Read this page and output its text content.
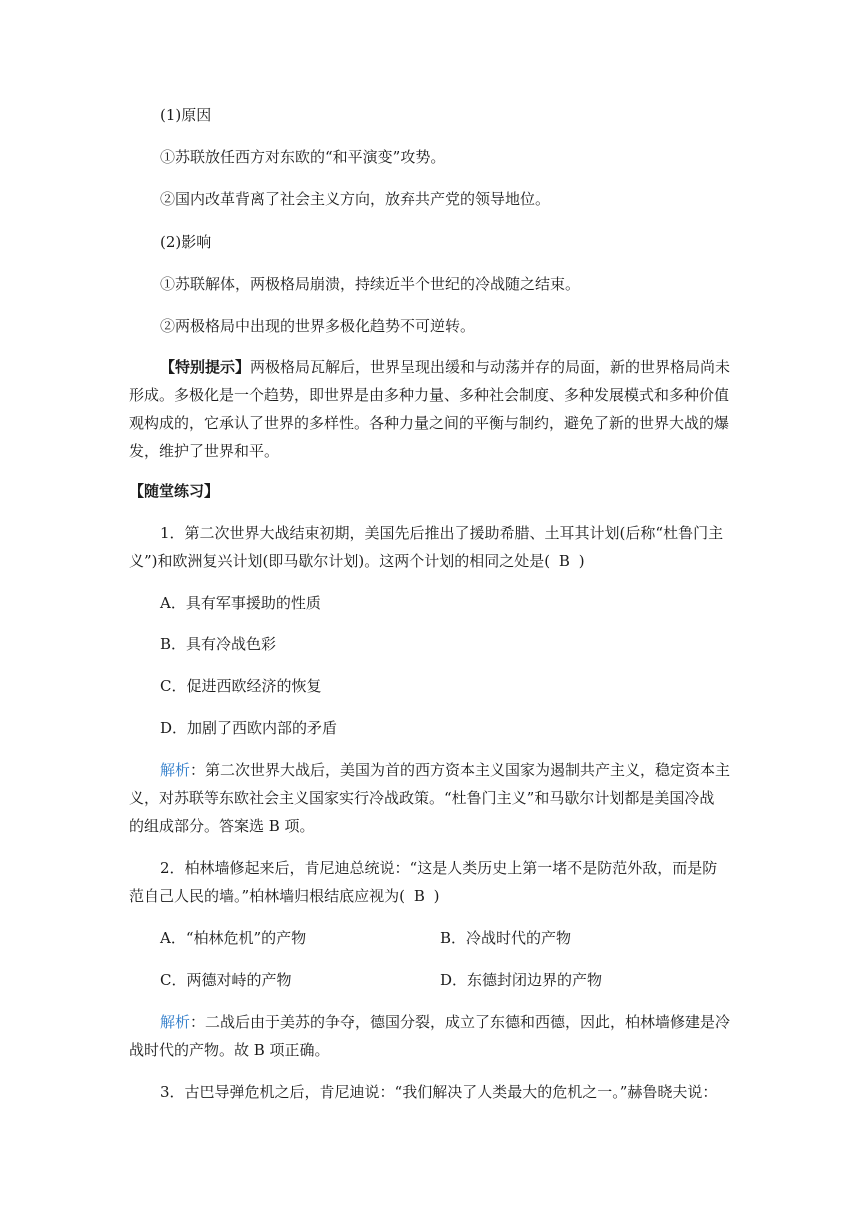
(1)原因
①苏联放任西方对东欧的“和平演变”攻势。
②国内改革背离了社会主义方向，放弃共产党的领导地位。
(2)影响
①苏联解体，两极格局崩溃，持续近半个世纪的冷战随之结束。
②两极格局中出现的世界多极化趋势不可逆转。
【特别提示】两极格局瓦解后，世界呈现出缓和与动荡并存的局面，新的世界格局尚未
形成。多极化是一个趋势，即世界是由多种力量、多种社会制度、多种发展模式和多种价值
观构成的，它承认了世界的多样性。各种力量之间的平衡与制约，避免了新的世界大战的爆
发，维护了世界和平。
【随堂练习】
1．第二次世界大战结束初期，美国先后推出了援助希腊、土耳其计划(后称“杜鲁门主
义”)和欧洲复兴计划(即马歇尔计划)。这两个计划的相同之处是( B )
A．具有军事援助的性质
B．具有冷战色彩
C．促进西欧经济的恢复
D．加剧了西欧内部的矛盾
解析：第二次世界大战后，美国为首的西方资本主义国家为遏制共产主义，稳定资本主
义，对苏联等东欧社会主义国家实行冷战政策。“杜鲁门主义”和马歇尔计划都是美国冷战
的组成部分。答案选 B 项。
2．柏林墙修起来后，肯尼迪总统说：“这是人类历史上第一堵不是防范外敌，而是防
范自己人民的墙。”柏林墙归根结底应视为( B )
A．“柏林危机”的产物	B．冷战时代的产物
C．两德对峙的产物	D．东德封闭边界的产物
解析：二战后由于美苏的争夺，德国分裂，成立了东德和西德，因此，柏林墙修建是冷
战时代的产物。故 B 项正确。
3．古巴导弹危机之后，肯尼迪说：“我们解决了人类最大的危机之一。”赫鲁晓夫说：
